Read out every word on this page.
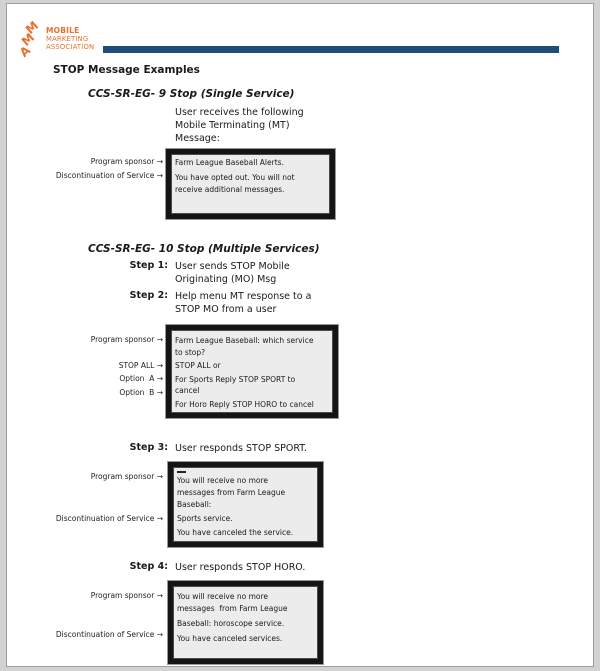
M
M
A
MOBILE
MARKETING
ASSOCIATION
STOP Message Examples
CCS-SR-EG- 9 Stop (Single Service)
User receives the following
Mobile Terminating (MT)
Message:
Program sponsor →
Discontinuation of Service →

Farm League Baseball Alerts.

You have opted out. You will not

receive additional messages.

CCS-SR-EG- 10 Stop (Multiple Services)
Step 1: User sends STOP Mobile
Originating (MO) Msg
Step 2: Help menu MT response to a
STOP MO from a user
Program sponsor →
STOP ALL →
Option  A →
Option  B →

Farm League Baseball: which service

to stop?

STOP ALL or

For Sports Reply STOP SPORT to

cancel

For Horo Reply STOP HORO to cancel

Step 3: User responds STOP SPORT.
Program sponsor →
Discontinuation of Service →

You will receive no more

messages from Farm League

Baseball:

Sports service.

You have canceled the service.

Step 4: User responds STOP HORO.
Program sponsor →
Discontinuation of Service →

You will receive no more

messages  from Farm League

Baseball: horoscope service.

You have canceled services.
